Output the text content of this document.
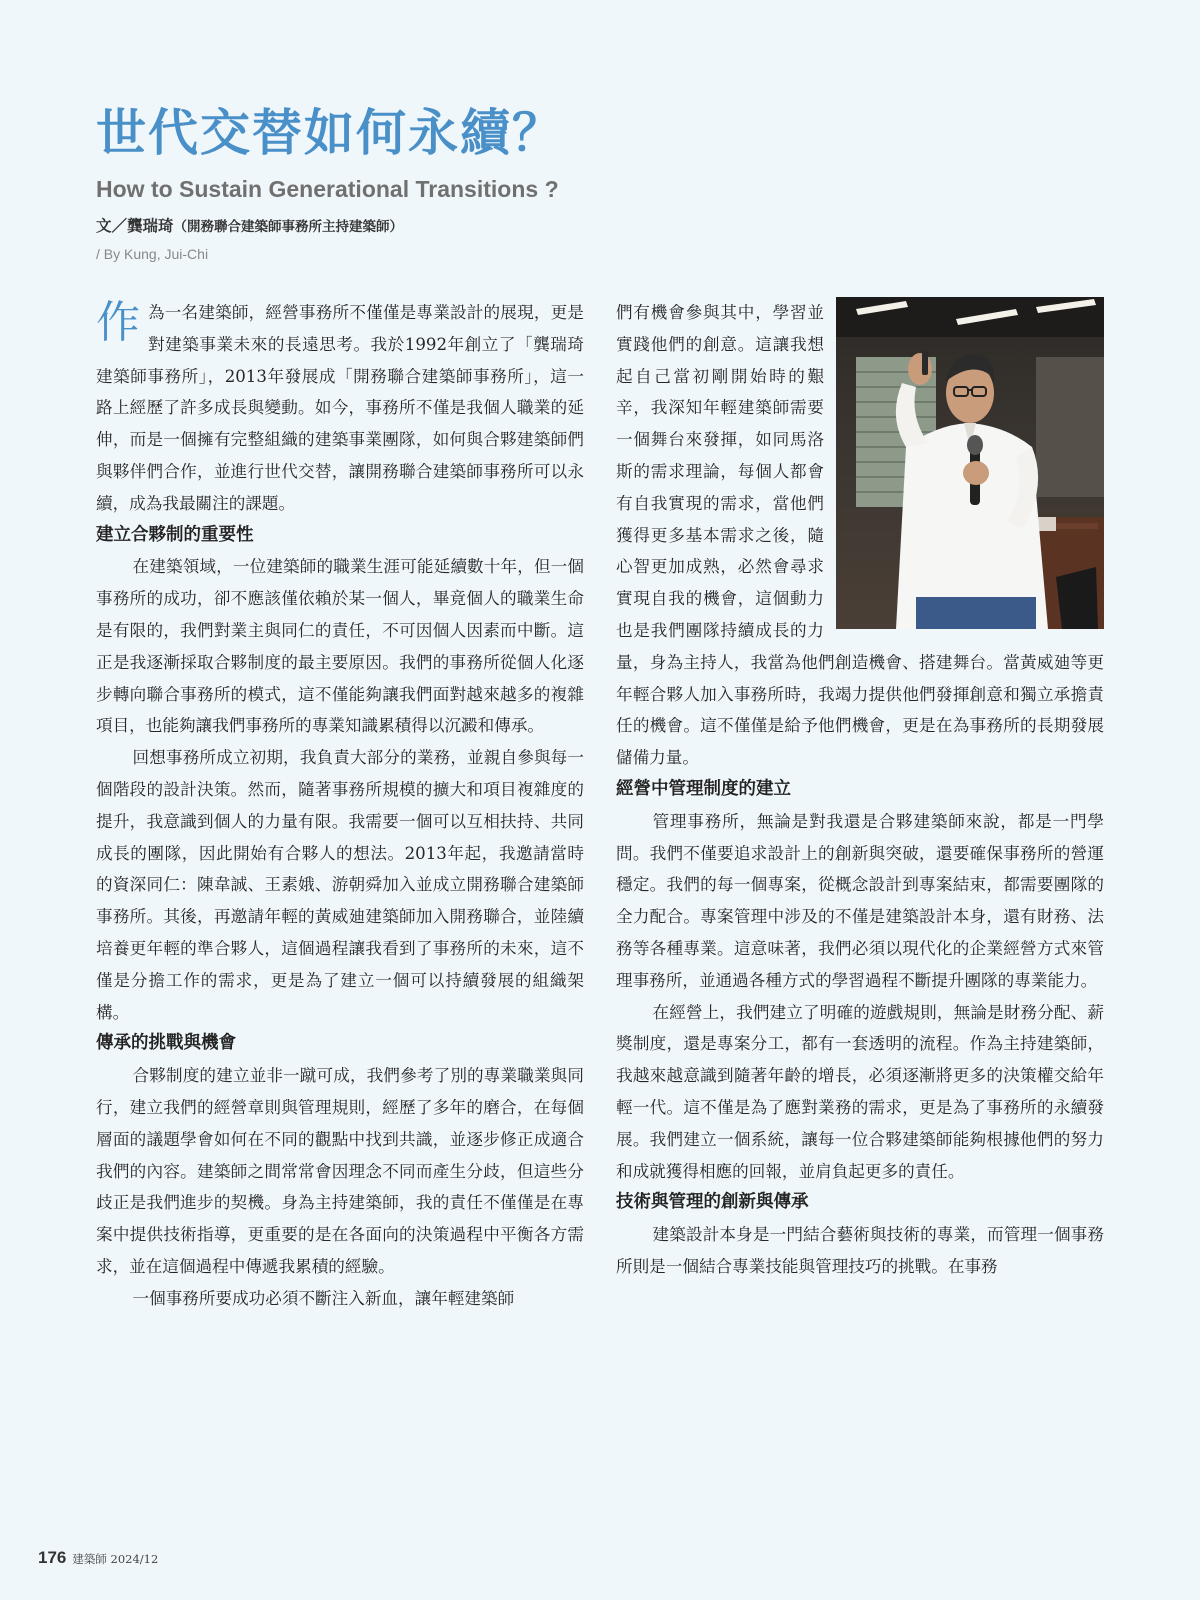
世代交替如何永續？
How to Sustain Generational Transitions ?
文／龔瑞琦（開務聯合建築師事務所主持建築師）
/ By Kung, Jui-Chi

作為一名建築師，經營事務所不僅僅是專業設計的展現，更是對建築事業未來的長遠思考。我於1992年創立了「龔瑞琦建築師事務所」，2013年發展成「開務聯合建築師事務所」，這一路上經歷了許多成長與變動。如今，事務所不僅是我個人職業的延伸，而是一個擁有完整組織的建築事業團隊，如何與合夥建築師們與夥伴們合作，並進行世代交替，讓開務聯合建築師事務所可以永續，成為我最關注的課題。

建立合夥制的重要性

在建築領域，一位建築師的職業生涯可能延續數十年，但一個事務所的成功，卻不應該僅依賴於某一個人，畢竟個人的職業生命是有限的，我們對業主與同仁的責任，不可因個人因素而中斷。這正是我逐漸採取合夥制度的最主要原因。我們的事務所從個人化逐步轉向聯合事務所的模式，這不僅能夠讓我們面對越來越多的複雜項目，也能夠讓我們事務所的專業知識累積得以沉澱和傳承。

回想事務所成立初期，我負責大部分的業務，並親自參與每一個階段的設計決策。然而，隨著事務所規模的擴大和項目複雜度的提升，我意識到個人的力量有限。我需要一個可以互相扶持、共同成長的團隊，因此開始有合夥人的想法。2013年起，我邀請當時的資深同仁：陳韋誠、王素娥、游朝舜加入並成立開務聯合建築師事務所。其後，再邀請年輕的黃威廸建築師加入開務聯合，並陸續培養更年輕的準合夥人，這個過程讓我看到了事務所的未來，這不僅是分擔工作的需求，更是為了建立一個可以持續發展的組織架構。

傳承的挑戰與機會

合夥制度的建立並非一蹴可成，我們參考了別的專業職業與同行，建立我們的經營章則與管理規則，經歷了多年的磨合，在每個層面的議題學會如何在不同的觀點中找到共識，並逐步修正成適合我們的內容。建築師之間常常會因理念不同而產生分歧，但這些分歧正是我們進步的契機。身為主持建築師，我的責任不僅僅是在專案中提供技術指導，更重要的是在各面向的決策過程中平衡各方需求，並在這個過程中傳遞我累積的經驗。

一個事務所要成功必須不斷注入新血，讓年輕建築師

們有機會參與其中，學習並實踐他們的創意。這讓我想起自己當初剛開始時的艱辛，我深知年輕建築師需要一個舞台來發揮，如同馬洛斯的需求理論，每個人都會有自我實現的需求，當他們獲得更多基本需求之後，隨心智更加成熟，必然會尋求實現自我的機會，這個動力也是我們團隊持續成長的力量，身為主持人，我當為他們創造機會、搭建舞台。當黃威廸等更年輕合夥人加入事務所時，我竭力提供他們發揮創意和獨立承擔責任的機會。這不僅僅是給予他們機會，更是在為事務所的長期發展儲備力量。

經營中管理制度的建立

管理事務所，無論是對我還是合夥建築師來說，都是一門學問。我們不僅要追求設計上的創新與突破，還要確保事務所的營運穩定。我們的每一個專案，從概念設計到專案結束，都需要團隊的全力配合。專案管理中涉及的不僅是建築設計本身，還有財務、法務等各種專業。這意味著，我們必須以現代化的企業經營方式來管理事務所，並通過各種方式的學習過程不斷提升團隊的專業能力。

在經營上，我們建立了明確的遊戲規則，無論是財務分配、薪獎制度，還是專案分工，都有一套透明的流程。作為主持建築師，我越來越意識到隨著年齡的增長，必須逐漸將更多的決策權交給年輕一代。這不僅是為了應對業務的需求，更是為了事務所的永續發展。我們建立一個系統，讓每一位合夥建築師能夠根據他們的努力和成就獲得相應的回報，並肩負起更多的責任。

技術與管理的創新與傳承

建築設計本身是一門結合藝術與技術的專業，而管理一個事務所則是一個結合專業技能與管理技巧的挑戰。在事務

176 建築師 2024/12
